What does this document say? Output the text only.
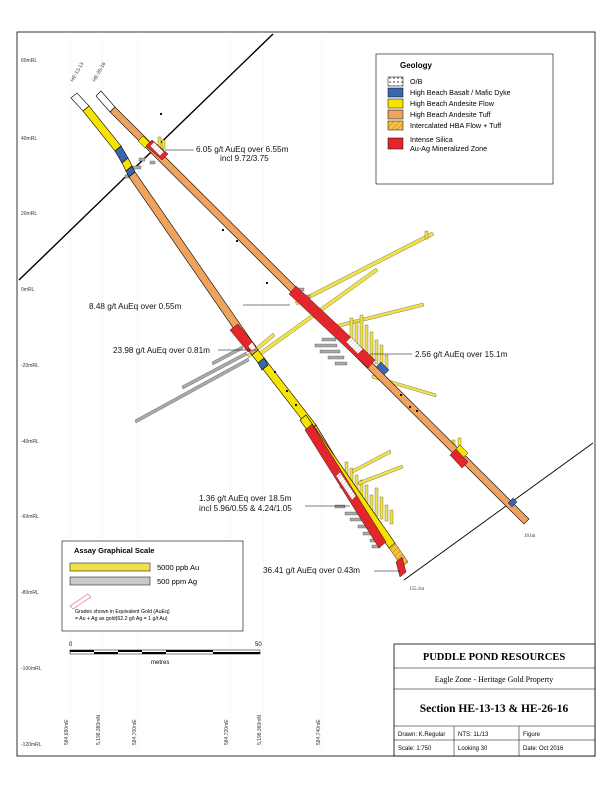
60mRL
40mRL
20mRL
0mRL
-20mRL
-40mRL
-60mRL
-80mRL
-100mRL
-120mRL	584,680mE	5,198,380mN	584,700mE	584,720mE	5,198,360mN	584,740mE
161m
HE-26-16
155.1m
HE-13-13
6.05 g/t AuEq over 6.55m
incl 9.72/3.75
8.48 g/t AuEq over 0.55m
23.98 g/t AuEq over 0.81m	2.56 g/t AuEq over 15.1m
1.36 g/t AuEq over 18.5m
incl 5.96/0.55 & 4.24/1.05
36.41 g/t AuEq over 0.43m
Geology
O/B
High Beach Basalt / Mafic Dyke
High Beach Andesite Flow
High Beach Andesite Tuff
Intercalated HBA Flow + Tuff
Intense Silica
Au-Ag Mineralized Zone
Assay Graphical Scale
5000 ppb Au
500 ppm Ag
Grades shown in Equivalent Gold (AuEq)
= Au + Ag as gold(62.2 g/t Ag = 1 g/t Au)
0	50
metres	PUDDLE POND RESOURCES
Eagle Zone - Heritage Gold Property
Section HE-13-13 & HE-26-16
Drawn: K.Regular NTS: 1L/13	Figure
Scale: 1:750	Looking 30	Date: Oct 2016
